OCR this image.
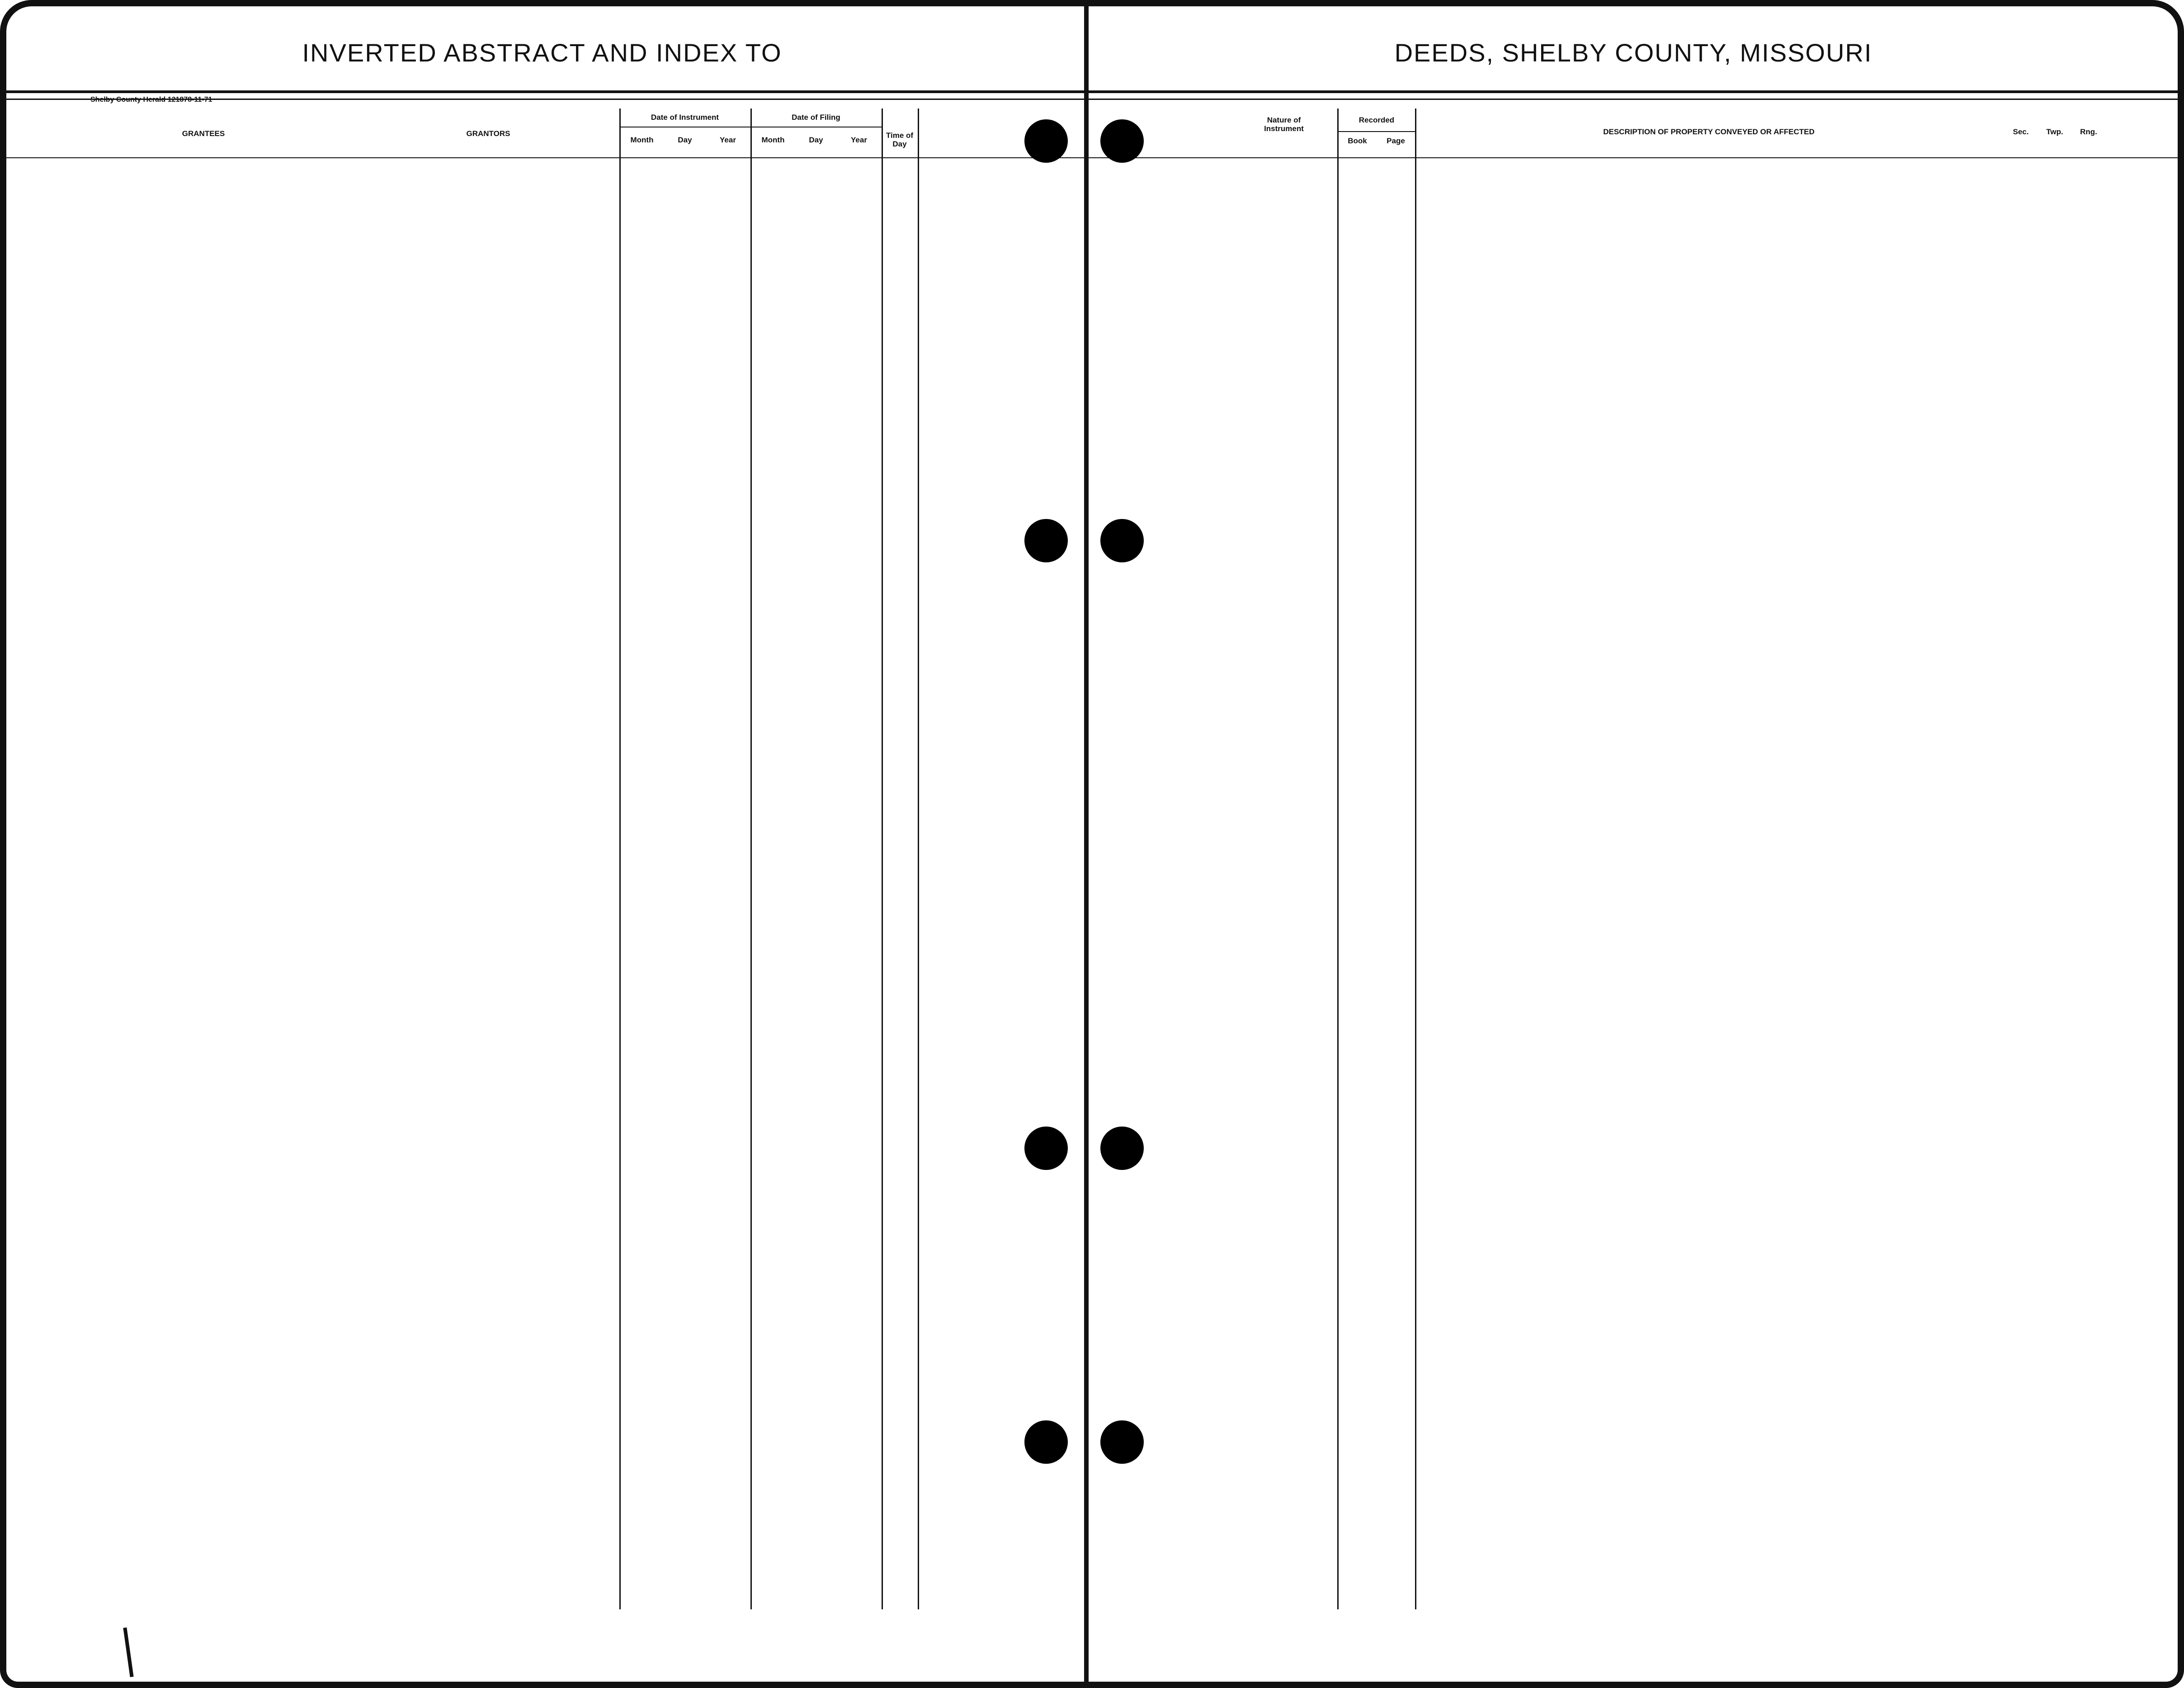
INVERTED ABSTRACT AND INDEX TO	DEEDS, SHELBY COUNTY, MISSOURI
Shelby County Herald 121878-11-71
GRANTEES	GRANTORS
Date of Instrument	Date of Filing
Month	Day	Year	Month	Day	Year
Time of Day
Nature of Instrument
Recorded
Book	Page
DESCRIPTION OF PROPERTY CONVEYED OR AFFECTED	Sec.	Twp.	Rng.
